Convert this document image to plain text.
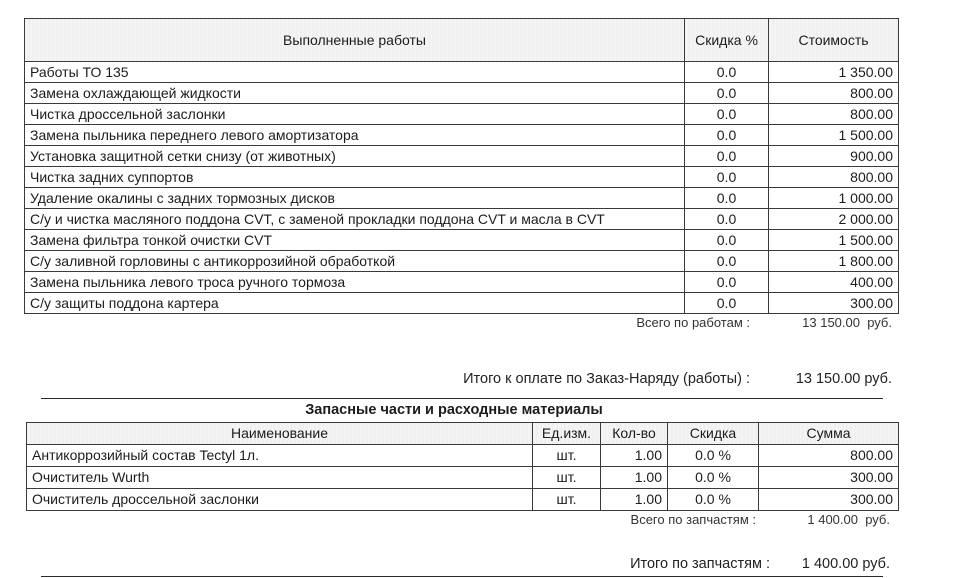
Выполненные работы	Скидка %	Стоимость
Работы ТО 135	0.0	1 350.00
Замена охлаждающей жидкости	0.0	800.00
Чистка дроссельной заслонки	0.0	800.00
Замена пыльника переднего левого амортизатора	0.0	1 500.00
Установка защитной сетки снизу (от животных)	0.0	900.00
Чистка задних суппортов	0.0	800.00
Удаление окалины с задних тормозных дисков	0.0	1 000.00
С/у и чистка масляного поддона CVT, с заменой прокладки поддона CVT и масла в CVT	0.0	2 000.00
Замена фильтра тонкой очистки CVT	0.0	1 500.00
С/у заливной горловины с антикоррозийной обработкой	0.0	1 800.00
Замена пыльника левого троса ручного тормоза	0.0	400.00
С/у защиты поддона картера	0.0	300.00
Всего по работам :	13 150.00  руб.
Итого к оплате по Заказ-Наряду (работы) :	13 150.00 руб.
Запасные части и расходные материалы
Наименование	Ед.изм.	Кол-во	Скидка	Сумма
Антикоррозийный состав Tectyl 1л.	шт.	1.00	0.0 %	800.00
Очиститель Wurth	шт.	1.00	0.0 %	300.00
Очиститель дроссельной заслонки	шт.	1.00	0.0 %	300.00
Всего по запчастям :	1 400.00  руб.
Итого по запчастям :	1 400.00 руб.
